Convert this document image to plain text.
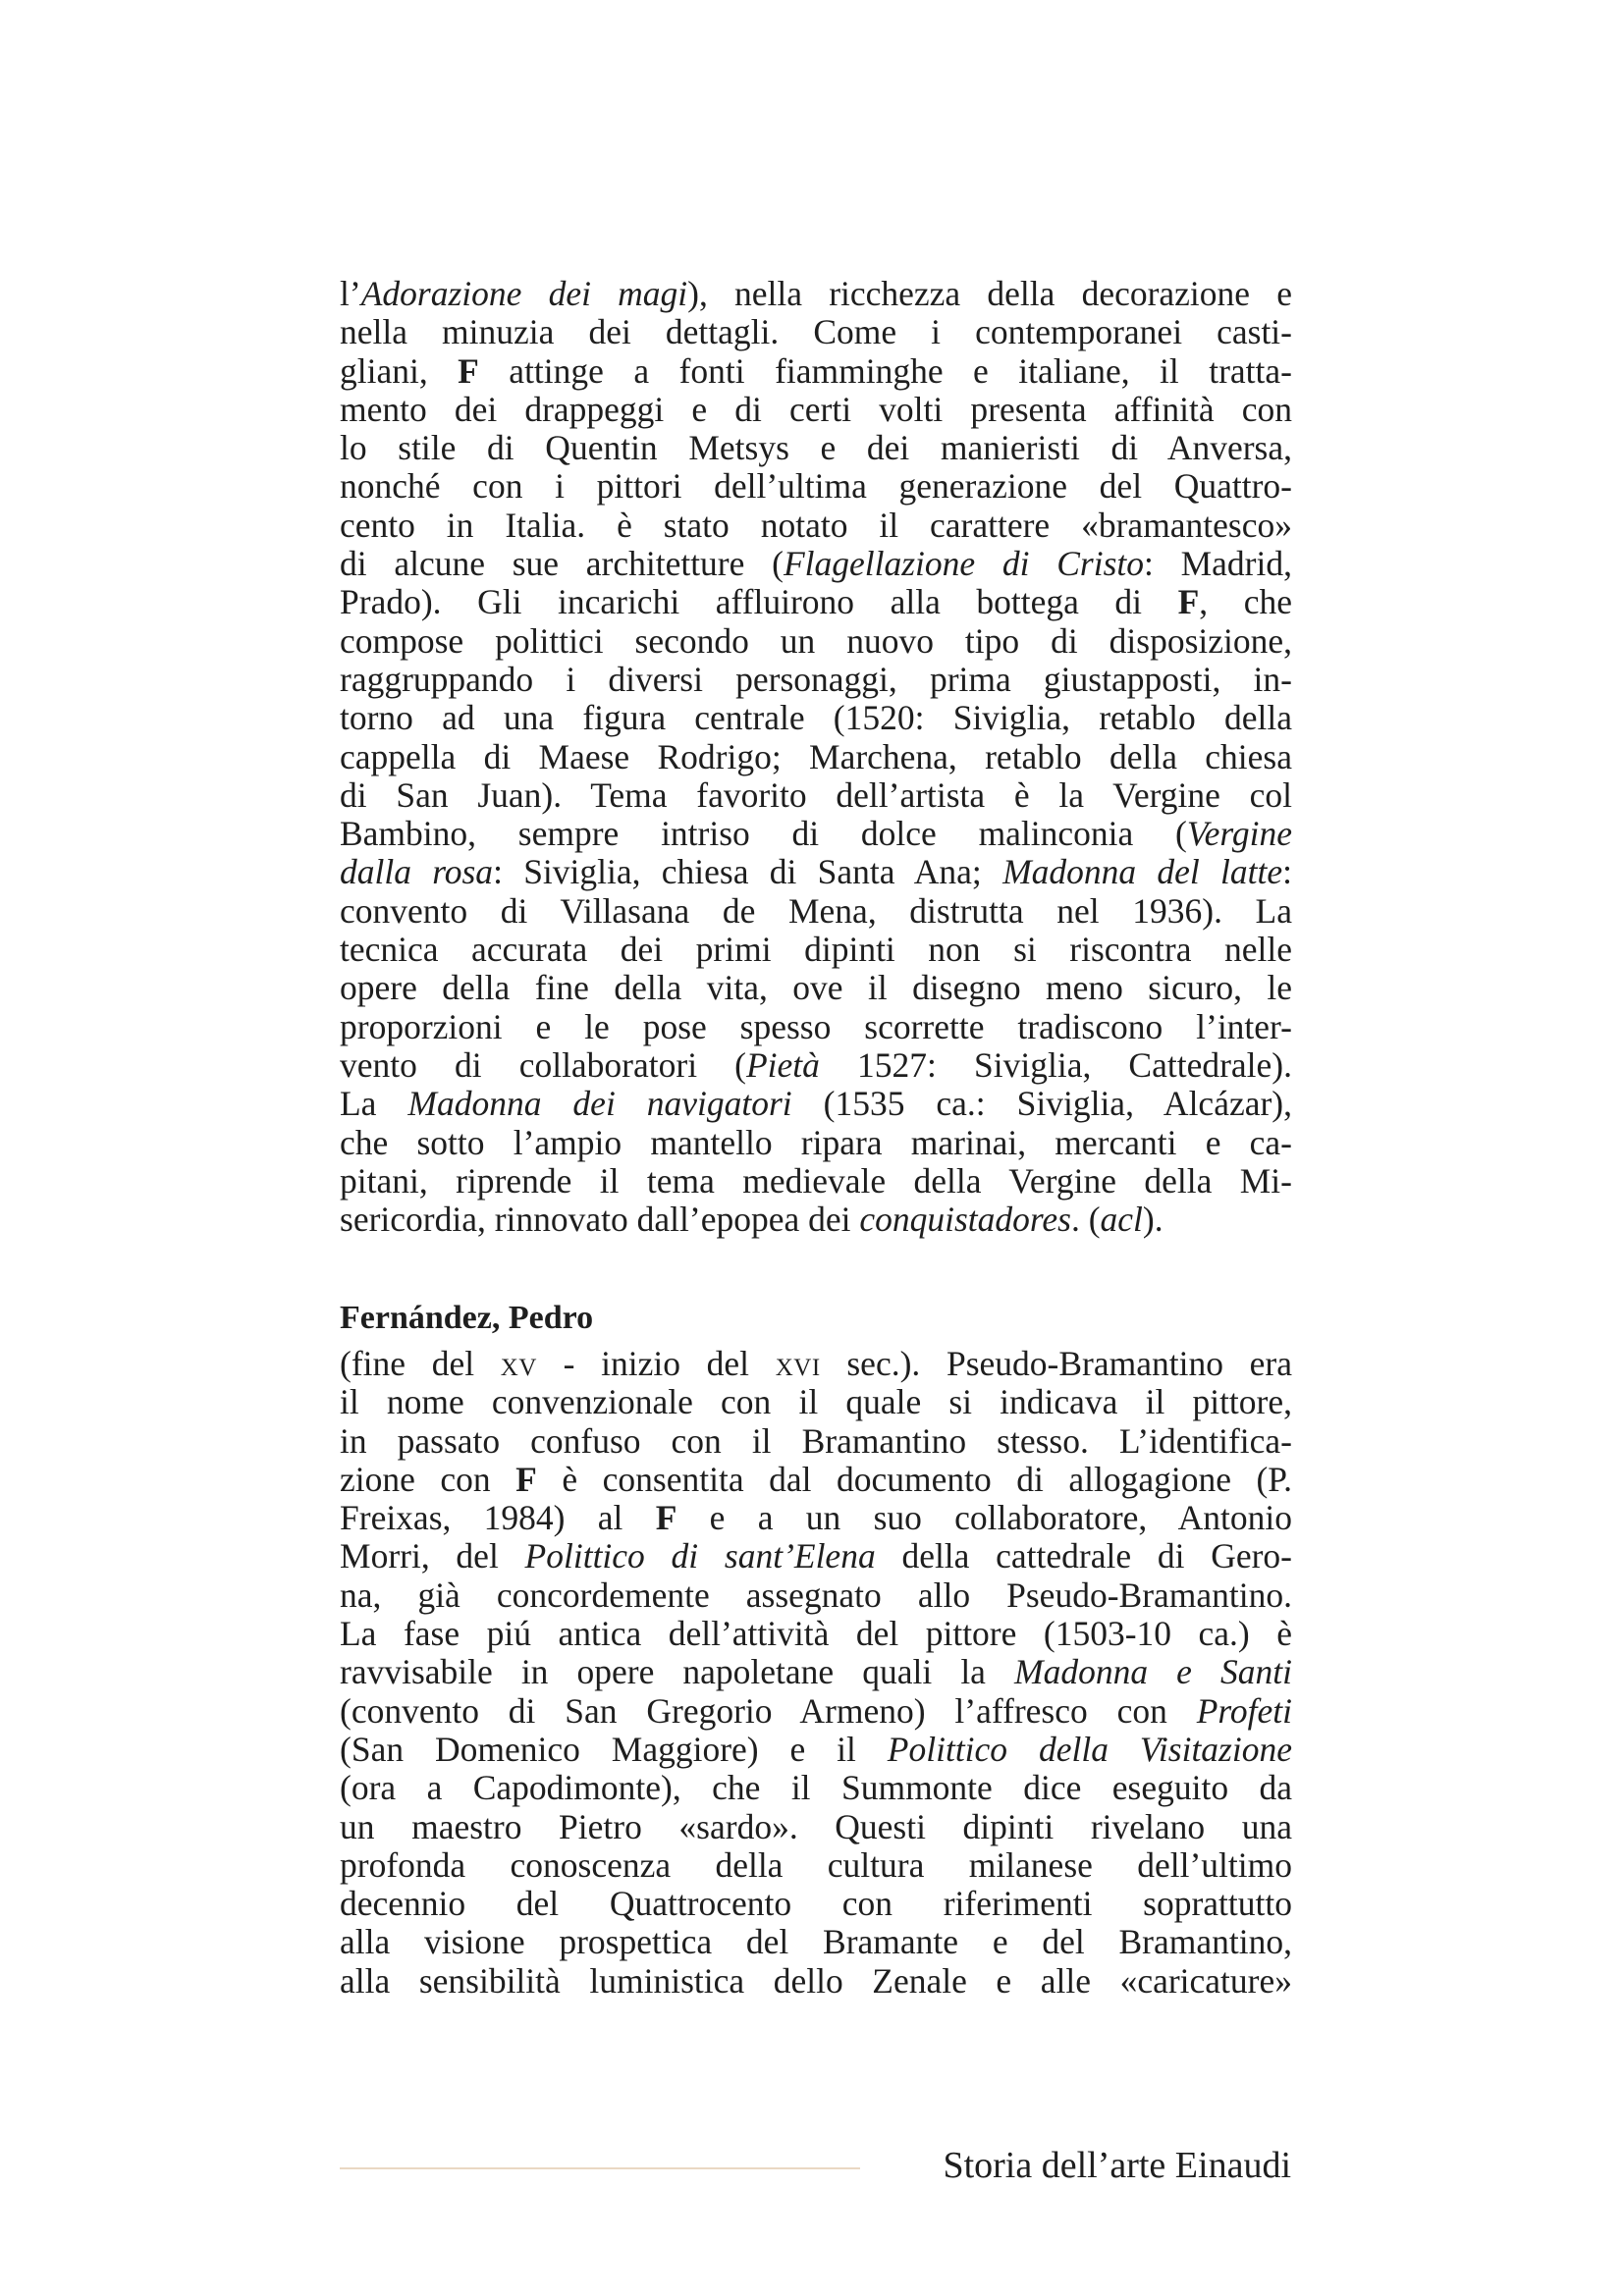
l’Adorazione dei magi), nella ricchezza della decorazione e
nella minuzia dei dettagli. Come i contemporanei casti-
gliani, F attinge a fonti fiamminghe e italiane, il tratta-
mento dei drappeggi e di certi volti presenta affinità con
lo stile di Quentin Metsys e dei manieristi di Anversa,
nonché con i pittori dell’ultima generazione del Quattro-
cento in Italia. è stato notato il carattere «bramantesco»
di alcune sue architetture (Flagellazione di Cristo: Madrid,
Prado). Gli incarichi affluirono alla bottega di F, che
compose polittici secondo un nuovo tipo di disposizione,
raggruppando i diversi personaggi, prima giustapposti, in-
torno ad una figura centrale (1520: Siviglia, retablo della
cappella di Maese Rodrigo; Marchena, retablo della chiesa
di San Juan). Tema favorito dell’artista è la Vergine col
Bambino, sempre intriso di dolce malinconia (Vergine
dalla rosa: Siviglia, chiesa di Santa Ana; Madonna del latte:
convento di Villasana de Mena, distrutta nel 1936). La
tecnica accurata dei primi dipinti non si riscontra nelle
opere della fine della vita, ove il disegno meno sicuro, le
proporzioni e le pose spesso scorrette tradiscono l’inter-
vento di collaboratori (Pietà 1527: Siviglia, Cattedrale).
La Madonna dei navigatori (1535 ca.: Siviglia, Alcázar),
che sotto l’ampio mantello ripara marinai, mercanti e ca-
pitani, riprende il tema medievale della Vergine della Mi-
sericordia, rinnovato dall’epopea dei conquistadores. (acl).
Fernández, Pedro
(fine del xv - inizio del xvi sec.). Pseudo-Bramantino era
il nome convenzionale con il quale si indicava il pittore,
in passato confuso con il Bramantino stesso. L’identifica-
zione con F è consentita dal documento di allogagione (P.
Freixas, 1984) al F e a un suo collaboratore, Antonio
Morri, del Polittico di sant’Elena della cattedrale di Gero-
na, già concordemente assegnato allo Pseudo-Bramantino.
La fase piú antica dell’attività del pittore (1503-10 ca.) è
ravvisabile in opere napoletane quali la Madonna e Santi
(convento di San Gregorio Armeno) l’affresco con Profeti
(San Domenico Maggiore) e il Polittico della Visitazione
(ora a Capodimonte), che il Summonte dice eseguito da
un maestro Pietro «sardo». Questi dipinti rivelano una
profonda conoscenza della cultura milanese dell’ultimo
decennio del Quattrocento con riferimenti soprattutto
alla visione prospettica del Bramante e del Bramantino,
alla sensibilità luministica dello Zenale e alle «caricature»
Storia dell’arte Einaudi
